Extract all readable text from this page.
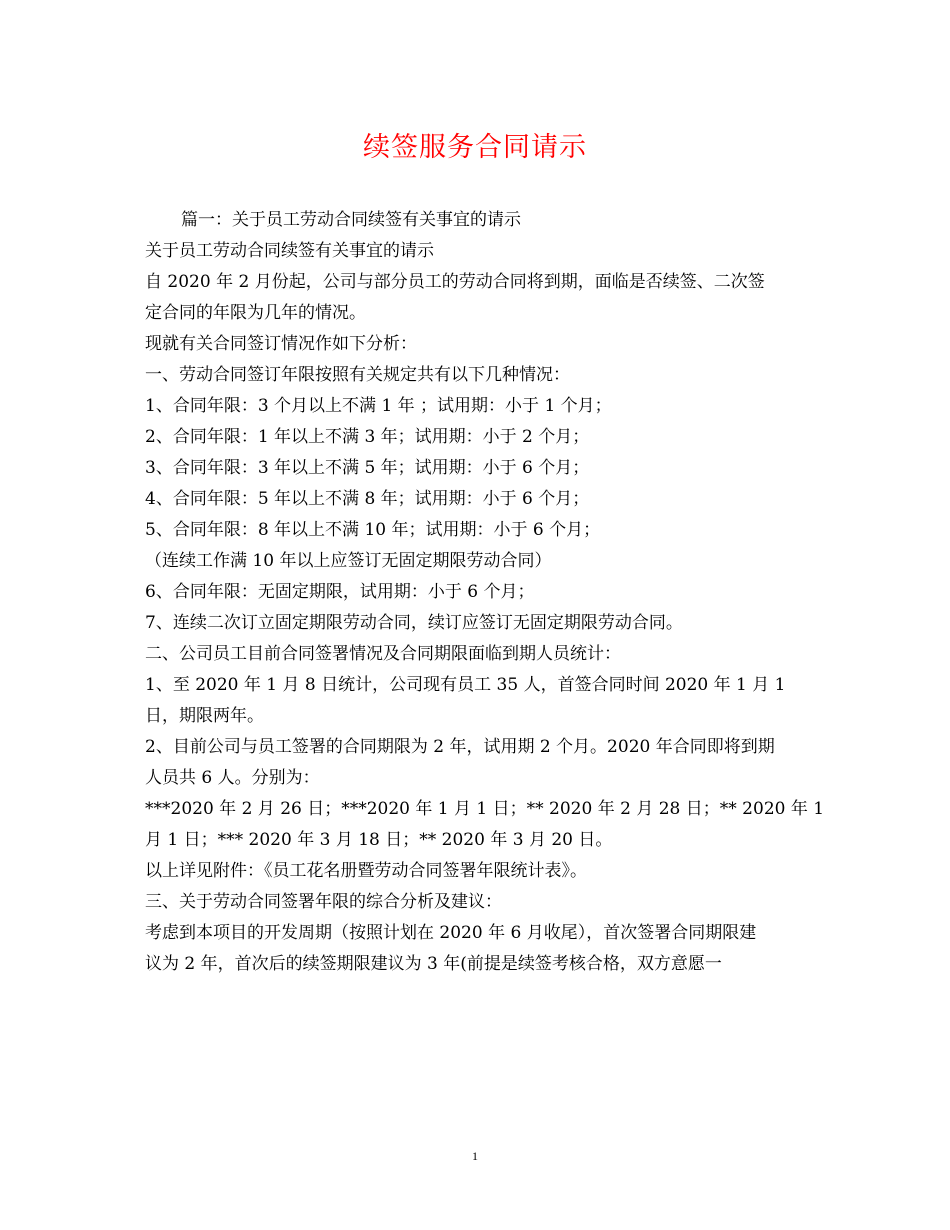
续签服务合同请示

篇一：关于员工劳动合同续签有关事宜的请示

关于员工劳动合同续签有关事宜的请示

自 2020 年 2 月份起，公司与部分员工的劳动合同将到期，面临是否续签、二次签

定合同的年限为几年的情况。

现就有关合同签订情况作如下分析：

一、劳动合同签订年限按照有关规定共有以下几种情况：

1、合同年限：3 个月以上不满 1 年 ；试用期：小于 1 个月；

2、合同年限：1 年以上不满 3 年；试用期：小于 2 个月；

3、合同年限：3 年以上不满 5 年；试用期：小于 6 个月；

4、合同年限：5 年以上不满 8 年；试用期：小于 6 个月；

5、合同年限：8 年以上不满 10 年；试用期：小于 6 个月；

（连续工作满 10 年以上应签订无固定期限劳动合同）

6、合同年限：无固定期限，试用期：小于 6 个月；

7、连续二次订立固定期限劳动合同，续订应签订无固定期限劳动合同。

二、公司员工目前合同签署情况及合同期限面临到期人员统计：

1、至 2020 年 1 月 8 日统计，公司现有员工 35 人，首签合同时间 2020 年 1 月 1

日，期限两年。

2、目前公司与员工签署的合同期限为 2 年，试用期 2 个月。2020 年合同即将到期

人员共 6 人。分别为：

***2020 年 2 月 26 日；***2020 年 1 月 1 日；** 2020 年 2 月 28 日；** 2020 年 1

月 1 日；*** 2020 年 3 月 18 日；** 2020 年 3 月 20 日。

以上详见附件：《员工花名册暨劳动合同签署年限统计表》。

三、关于劳动合同签署年限的综合分析及建议：

考虑到本项目的开发周期（按照计划在 2020 年 6 月收尾），首次签署合同期限建

议为 2 年，首次后的续签期限建议为 3 年(前提是续签考核合格，双方意愿一

1
